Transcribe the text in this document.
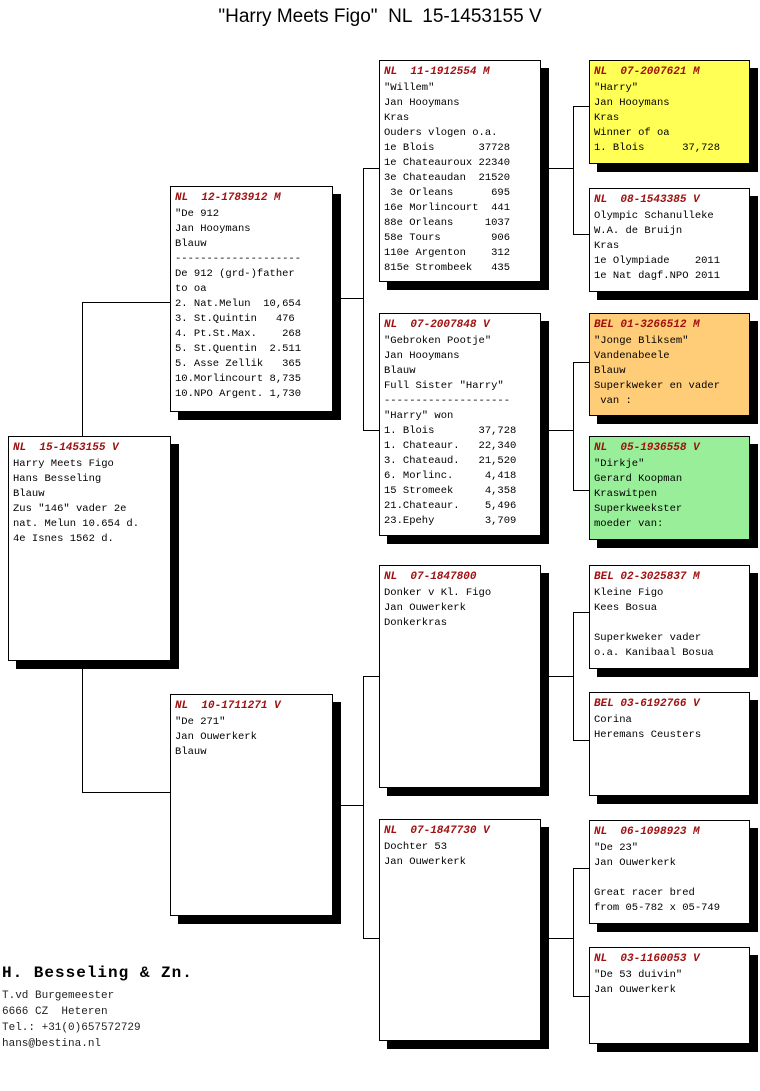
"Harry Meets Figo"  NL  15-1453155 V
NL  15-1453155 V
Harry Meets Figo
Hans Besseling
Blauw
Zus "146" vader 2e
nat. Melun 10.654 d.
4e Isnes 1562 d.
NL  12-1783912 M
"De 912
Jan Hooymans
Blauw
--------------------
De 912 (grd-)father
to oa
2. Nat.Melun  10,654
3. St.Quintin   476
4. Pt.St.Max.    268
5. St.Quentin  2.511
5. Asse Zellik   365
10.Morlincourt 8,735
10.NPO Argent. 1,730
NL  10-1711271 V
"De 271"
Jan Ouwerkerk
Blauw
NL  11-1912554 M
"Willem"
Jan Hooymans
Kras
Ouders vlogen o.a.
1e Blois       37728
1e Chateauroux 22340
3e Chateaudan  21520
3e Orleans      695
16e Morlincourt  441
88e Orleans     1037
58e Tours        906
110e Argenton    312
815e Strombeek   435
NL  07-2007848 V
"Gebroken Pootje"
Jan Hooymans
Blauw
Full Sister "Harry"
--------------------
"Harry" won
1. Blois       37,728
1. Chateaur.   22,340
3. Chateaud.   21,520
6. Morlinc.     4,418
15 Stromeek     4,358
21.Chateaur.    5,496
23.Epehy        3,709
NL  07-1847800
Donker v Kl. Figo
Jan Ouwerkerk
Donkerkras
NL  07-1847730 V
Dochter 53
Jan Ouwerkerk
NL  07-2007621 M
"Harry"
Jan Hooymans
Kras
Winner of oa
1. Blois      37,728
NL  08-1543385 V
Olympic Schanulleke
W.A. de Bruijn
Kras
1e Olympiade    2011
1e Nat dagf.NPO 2011
BEL 01-3266512 M
"Jonge Bliksem"
Vandenabeele
Blauw
Superkweker en vader
van :
NL  05-1936558 V
"Dirkje"
Gerard Koopman
Kraswitpen
Superkweekster
moeder van:
BEL 02-3025837 M
Kleine Figo
Kees Bosua

Superkweker vader
o.a. Kanibaal Bosua
BEL 03-6192766 V
Corina
Heremans Ceusters
NL  06-1098923 M
"De 23"
Jan Ouwerkerk

Great racer bred
from 05-782 x 05-749
NL  03-1160053 V
"De 53 duivin"
Jan Ouwerkerk
H. Besseling & Zn.
T.vd Burgemeester
6666 CZ  Heteren
Tel.: +31(0)657572729
hans@bestina.nl
